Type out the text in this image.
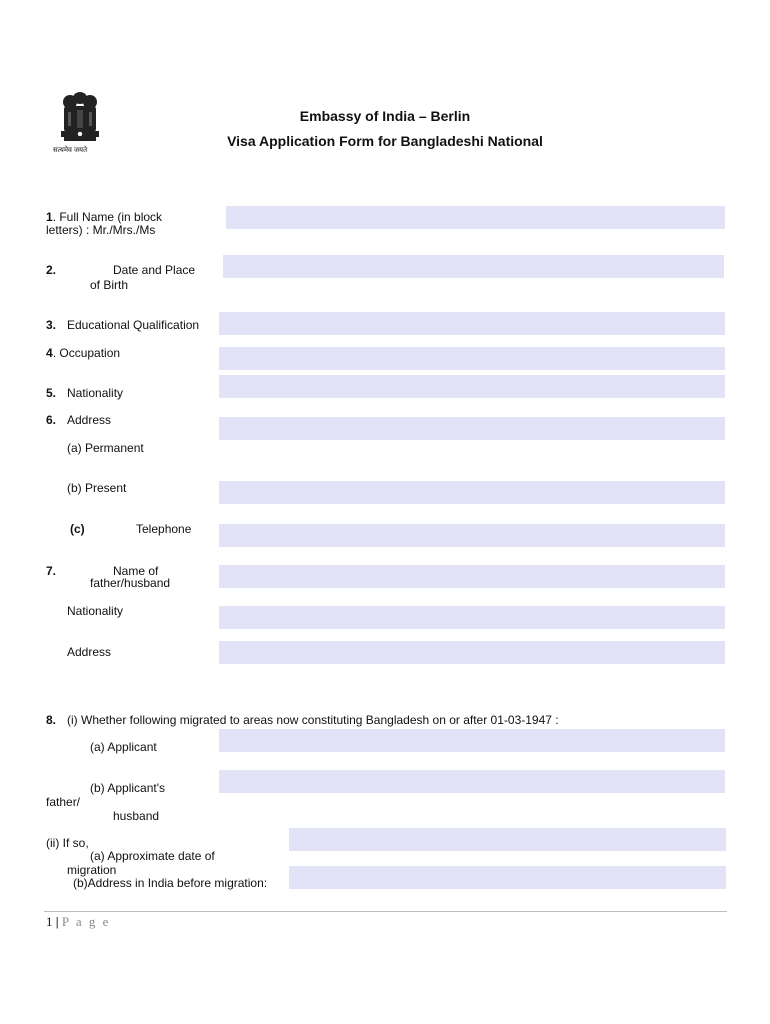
सत्यमेव जयते
Embassy of India – Berlin
Visa Application Form for Bangladeshi National
1. Full Name (in block
letters) : Mr./Mrs./Ms
2.	Date and Place
of Birth
3. Educational Qualification
4. Occupation
5. Nationality
6. Address
(a) Permanent
(b) Present
(c)	Telephone
7.	Name of
father/husband
Nationality
Address
8. (i) Whether following migrated to areas now constituting Bangladesh on or after 01-03-1947 :
(a) Applicant
(b) Applicant's
father/
husband
(ii) If so,
(a) Approximate date of
migration
(b)Address in India before migration:
1 | P a g e
